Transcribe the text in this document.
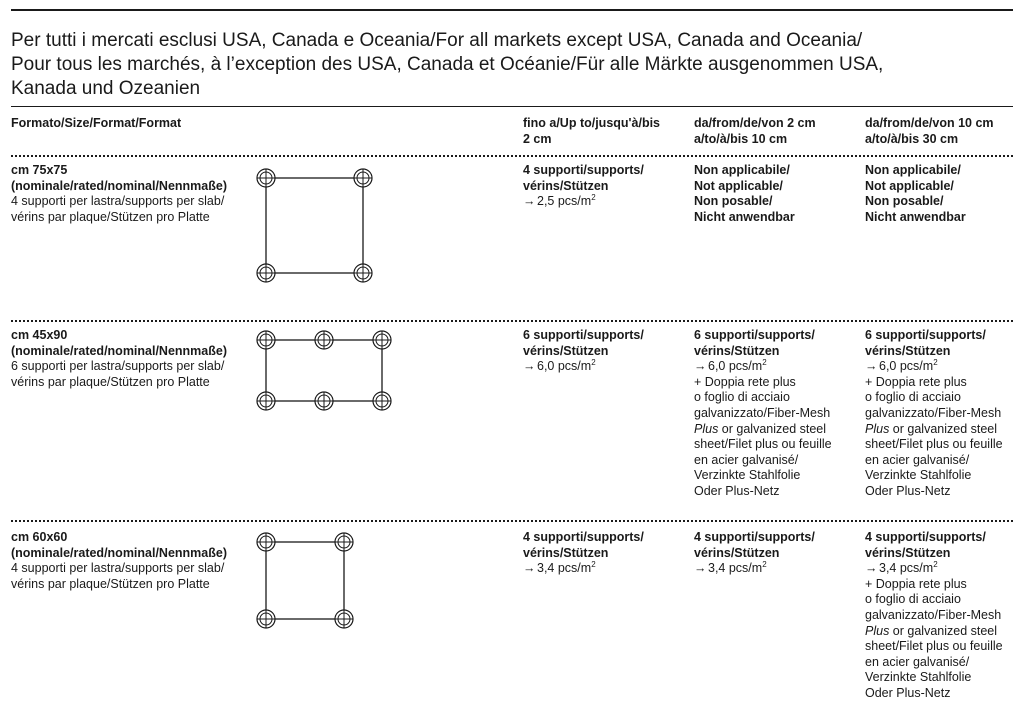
Per tutti i mercati esclusi USA, Canada e Oceania/For all markets except USA, Canada and Oceania/
Pour tous les marchés, à l’exception des USA, Canada et Océanie/Für alle Märkte ausgenommen USA,
Kanada und Ozeanien
Formato/Size/Format/Format	fino a/Up to/jusqu'à/bis
2 cm
da/from/de/von 2 cm
a/to/à/bis 10 cm
da/from/de/von 10 cm
a/to/à/bis 30 cm
cm 75x75
(nominale/rated/nominal/Nennmaße)
4 supporti per lastra/supports per slab/
vérins par plaque/Stützen pro Platte
4 supporti/supports/
vérins/Stützen
→ 2,5 pcs/$m^2$
Non applicabile/
Not applicable/
Non posable/
Nicht anwendbar
Non applicabile/
Not applicable/
Non posable/
Nicht anwendbar
cm 45x90
(nominale/rated/nominal/Nennmaße)
6 supporti per lastra/supports per slab/
vérins par plaque/Stützen pro Platte
6 supporti/supports/
vérins/Stützen
→ 6,0 pcs/$m^2$
6 supporti/supports/
vérins/Stützen
→ 6,0 pcs/$m^2$
+ Doppia rete plus
o foglio di acciaio
galvanizzato/Fiber-Mesh
Plus or galvanized steel
sheet/Filet plus ou feuille
en acier galvanisé/
Verzinkte Stahlfolie
Oder Plus-Netz
6 supporti/supports/
vérins/Stützen
→ 6,0 pcs/$m^2$
+ Doppia rete plus
o foglio di acciaio
galvanizzato/Fiber-Mesh
Plus or galvanized steel
sheet/Filet plus ou feuille
en acier galvanisé/
Verzinkte Stahlfolie
Oder Plus-Netz
cm 60x60
(nominale/rated/nominal/Nennmaße)
4 supporti per lastra/supports per slab/
vérins par plaque/Stützen pro Platte
4 supporti/supports/
vérins/Stützen
→ 3,4 pcs/$m^2$
4 supporti/supports/
vérins/Stützen
→ 3,4 pcs/$m^2$
4 supporti/supports/
vérins/Stützen
→ 3,4 pcs/$m^2$
+ Doppia rete plus
o foglio di acciaio
galvanizzato/Fiber-Mesh
Plus or galvanized steel
sheet/Filet plus ou feuille
en acier galvanisé/
Verzinkte Stahlfolie
Oder Plus-Netz
